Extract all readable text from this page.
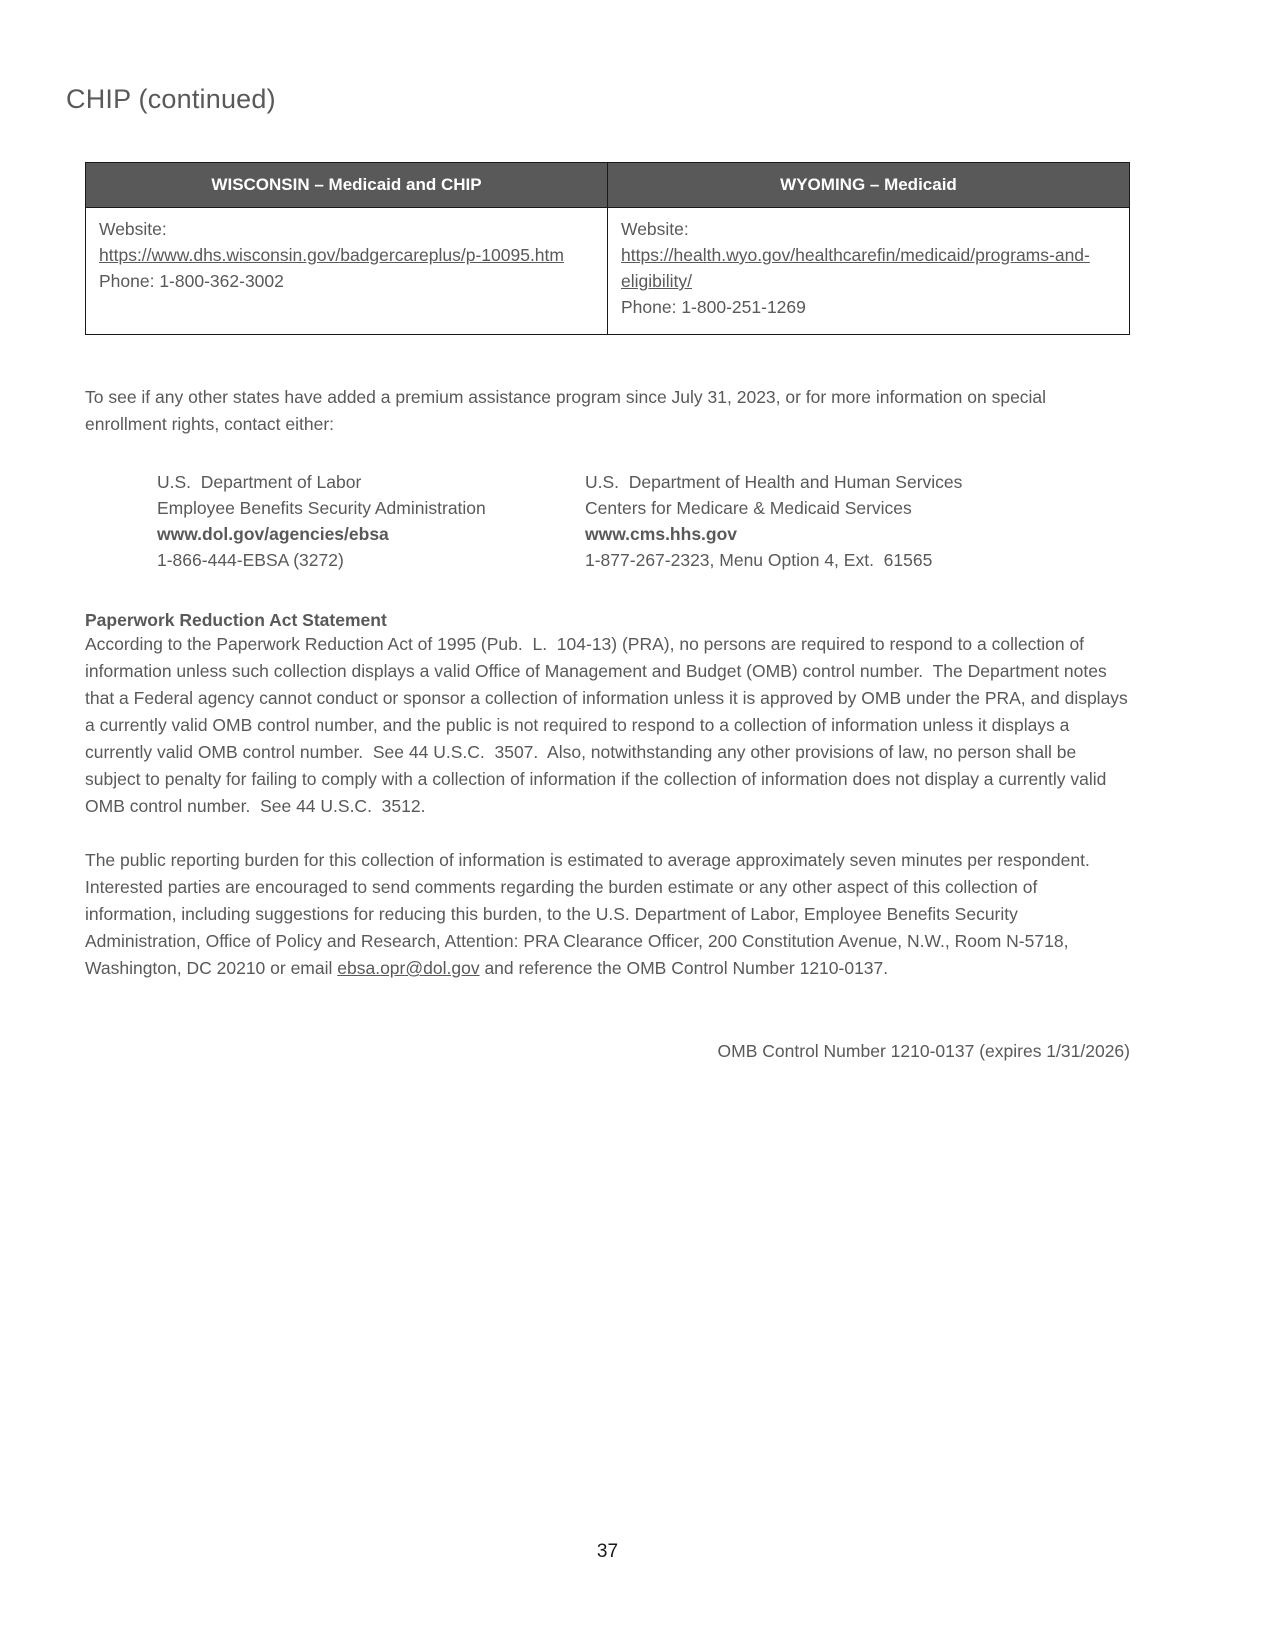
CHIP (continued)
WISCONSIN – Medicaid and CHIP	WYOMING – Medicaid

Website:
https://www.dhs.wisconsin.gov/badgercareplus/p-10095.htm
Phone: 1-800-362-3002

Website:
https://health.wyo.gov/healthcarefin/medicaid/programs-and-eligibility/
Phone: 1-800-251-1269

To see if any other states have added a premium assistance program since July 31, 2023, or for more information on special enrollment rights, contact either:

U.S.  Department of Labor
Employee Benefits Security Administration
www.dol.gov/agencies/ebsa
1-866-444-EBSA (3272)
U.S.  Department of Health and Human Services
Centers for Medicare & Medicaid Services
www.cms.hhs.gov
1-877-267-2323, Menu Option 4, Ext.  61565
Paperwork Reduction Act Statement

According to the Paperwork Reduction Act of 1995 (Pub.  L.  104-13) (PRA), no persons are required to respond to a collection of information unless such collection displays a valid Office of Management and Budget (OMB) control number.  The Department notes that a Federal agency cannot conduct or sponsor a collection of information unless it is approved by OMB under the PRA, and displays a currently valid OMB control number, and the public is not required to respond to a collection of information unless it displays a currently valid OMB control number.  See 44 U.S.C.  3507.  Also, notwithstanding any other provisions of law, no person shall be subject to penalty for failing to comply with a collection of information if the collection of information does not display a currently valid OMB control number.  See 44 U.S.C.  3512.

The public reporting burden for this collection of information is estimated to average approximately seven minutes per respondent.  Interested parties are encouraged to send comments regarding the burden estimate or any other aspect of this collection of information, including suggestions for reducing this burden, to the U.S. Department of Labor, Employee Benefits Security Administration, Office of Policy and Research, Attention: PRA Clearance Officer, 200 Constitution Avenue, N.W., Room N-5718, Washington, DC 20210 or email ebsa.opr@dol.gov and reference the OMB Control Number 1210-0137.

OMB Control Number 1210-0137 (expires 1/31/2026)

37
